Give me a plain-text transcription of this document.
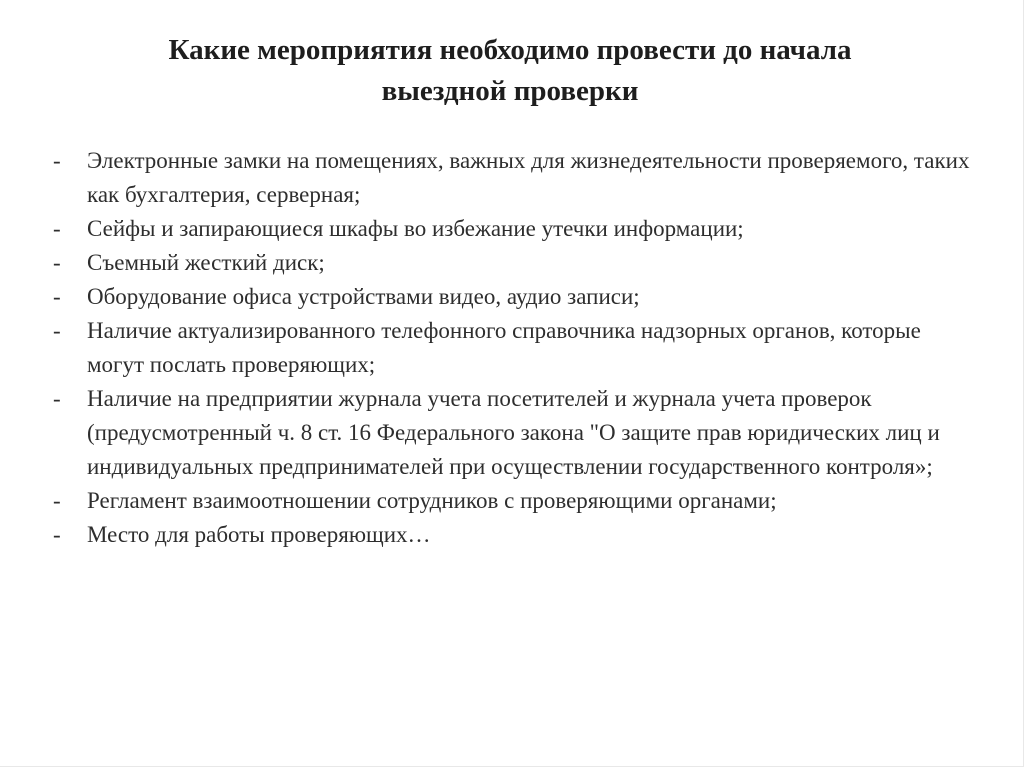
Какие мероприятия необходимо провести до начала
выездной проверки
-	Электронные замки на помещениях, важных для жизнедеятельности проверяемого, таких как бухгалтерия, серверная;
-	Сейфы и запирающиеся шкафы во избежание утечки информации;
-	Съемный жесткий диск;
-	Оборудование офиса устройствами видео, аудио записи;
-	Наличие актуализированного телефонного справочника надзорных органов, которые могут послать проверяющих;
-	Наличие на предприятии журнала учета посетителей и журнала учета проверок (предусмотренный ч. 8 ст. 16 Федерального закона "О защите прав юридических лиц и индивидуальных предпринимателей при осуществлении государственного контроля»;
-	Регламент взаимоотношении сотрудников с проверяющими органами;
-	Место для работы проверяющих…
